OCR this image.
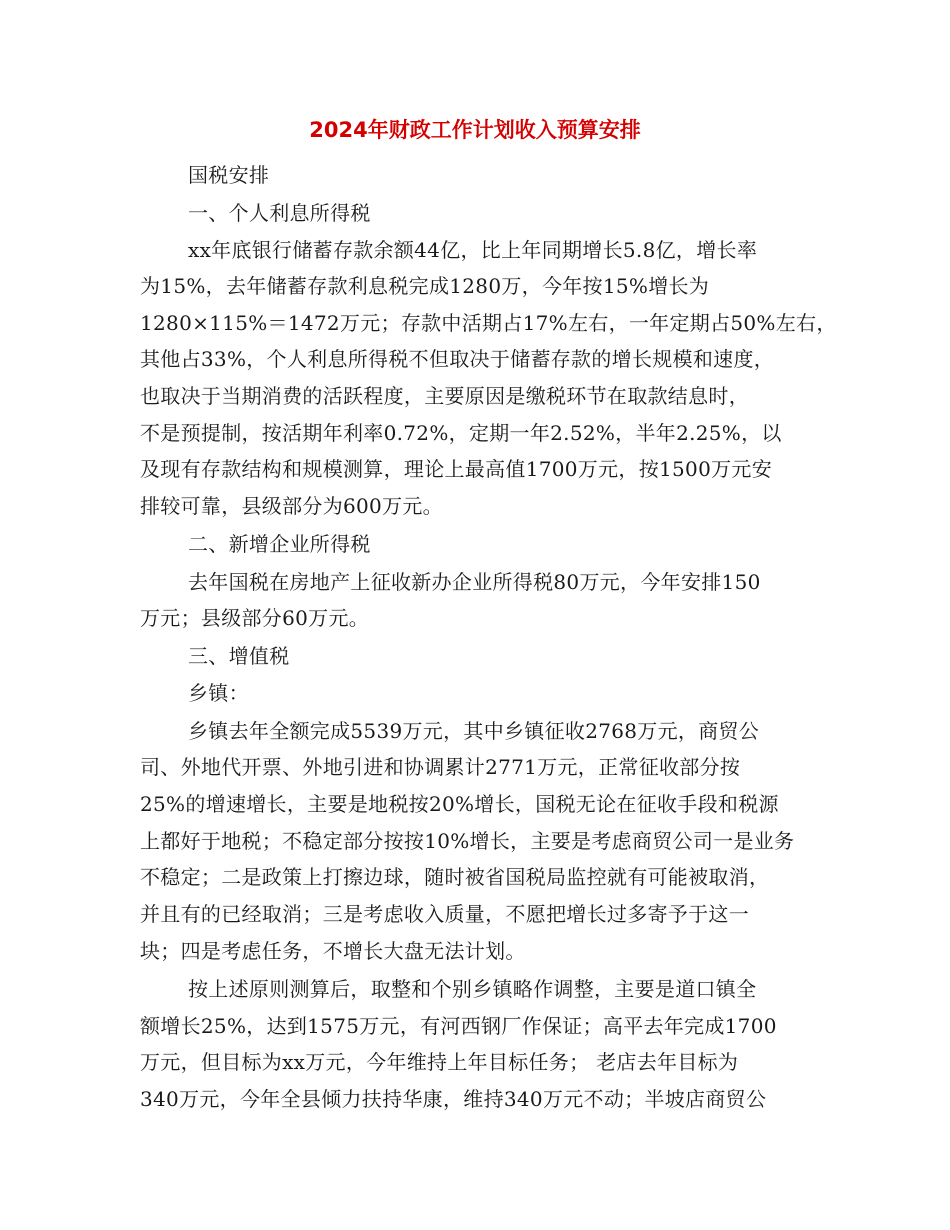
2024年财政工作计划收入预算安排
国税安排
一、个人利息所得税
xx年底银行储蓄存款余额44亿，比上年同期增长5.8亿，增长率
为15%，去年储蓄存款利息税完成1280万，今年按15%增长为
1280×115%＝1472万元；存款中活期占17%左右，一年定期占50%左右，
其他占33%，个人利息所得税不但取决于储蓄存款的增长规模和速度，
也取决于当期消费的活跃程度，主要原因是缴税环节在取款结息时，
不是预提制，按活期年利率0.72%，定期一年2.52%，半年2.25%，以
及现有存款结构和规模测算，理论上最高值1700万元，按1500万元安
排较可靠，县级部分为600万元。
二、新增企业所得税
去年国税在房地产上征收新办企业所得税80万元，今年安排150
万元；县级部分60万元。
三、增值税
乡镇：
乡镇去年全额完成5539万元，其中乡镇征收2768万元，商贸公
司、外地代开票、外地引进和协调累计2771万元，正常征收部分按
25%的增速增长，主要是地税按20%增长，国税无论在征收手段和税源
上都好于地税；不稳定部分按按10%增长，主要是考虑商贸公司一是业务
不稳定；二是政策上打擦边球，随时被省国税局监控就有可能被取消，
并且有的已经取消；三是考虑收入质量，不愿把增长过多寄予于这一
块；四是考虑任务，不增长大盘无法计划。
按上述原则测算后，取整和个别乡镇略作调整，主要是道口镇全
额增长25%，达到1575万元，有河西钢厂作保证；高平去年完成1700
万元，但目标为xx万元，今年维持上年目标任务； 老店去年目标为
340万元，今年全县倾力扶持华康，维持340万元不动；半坡店商贸公
